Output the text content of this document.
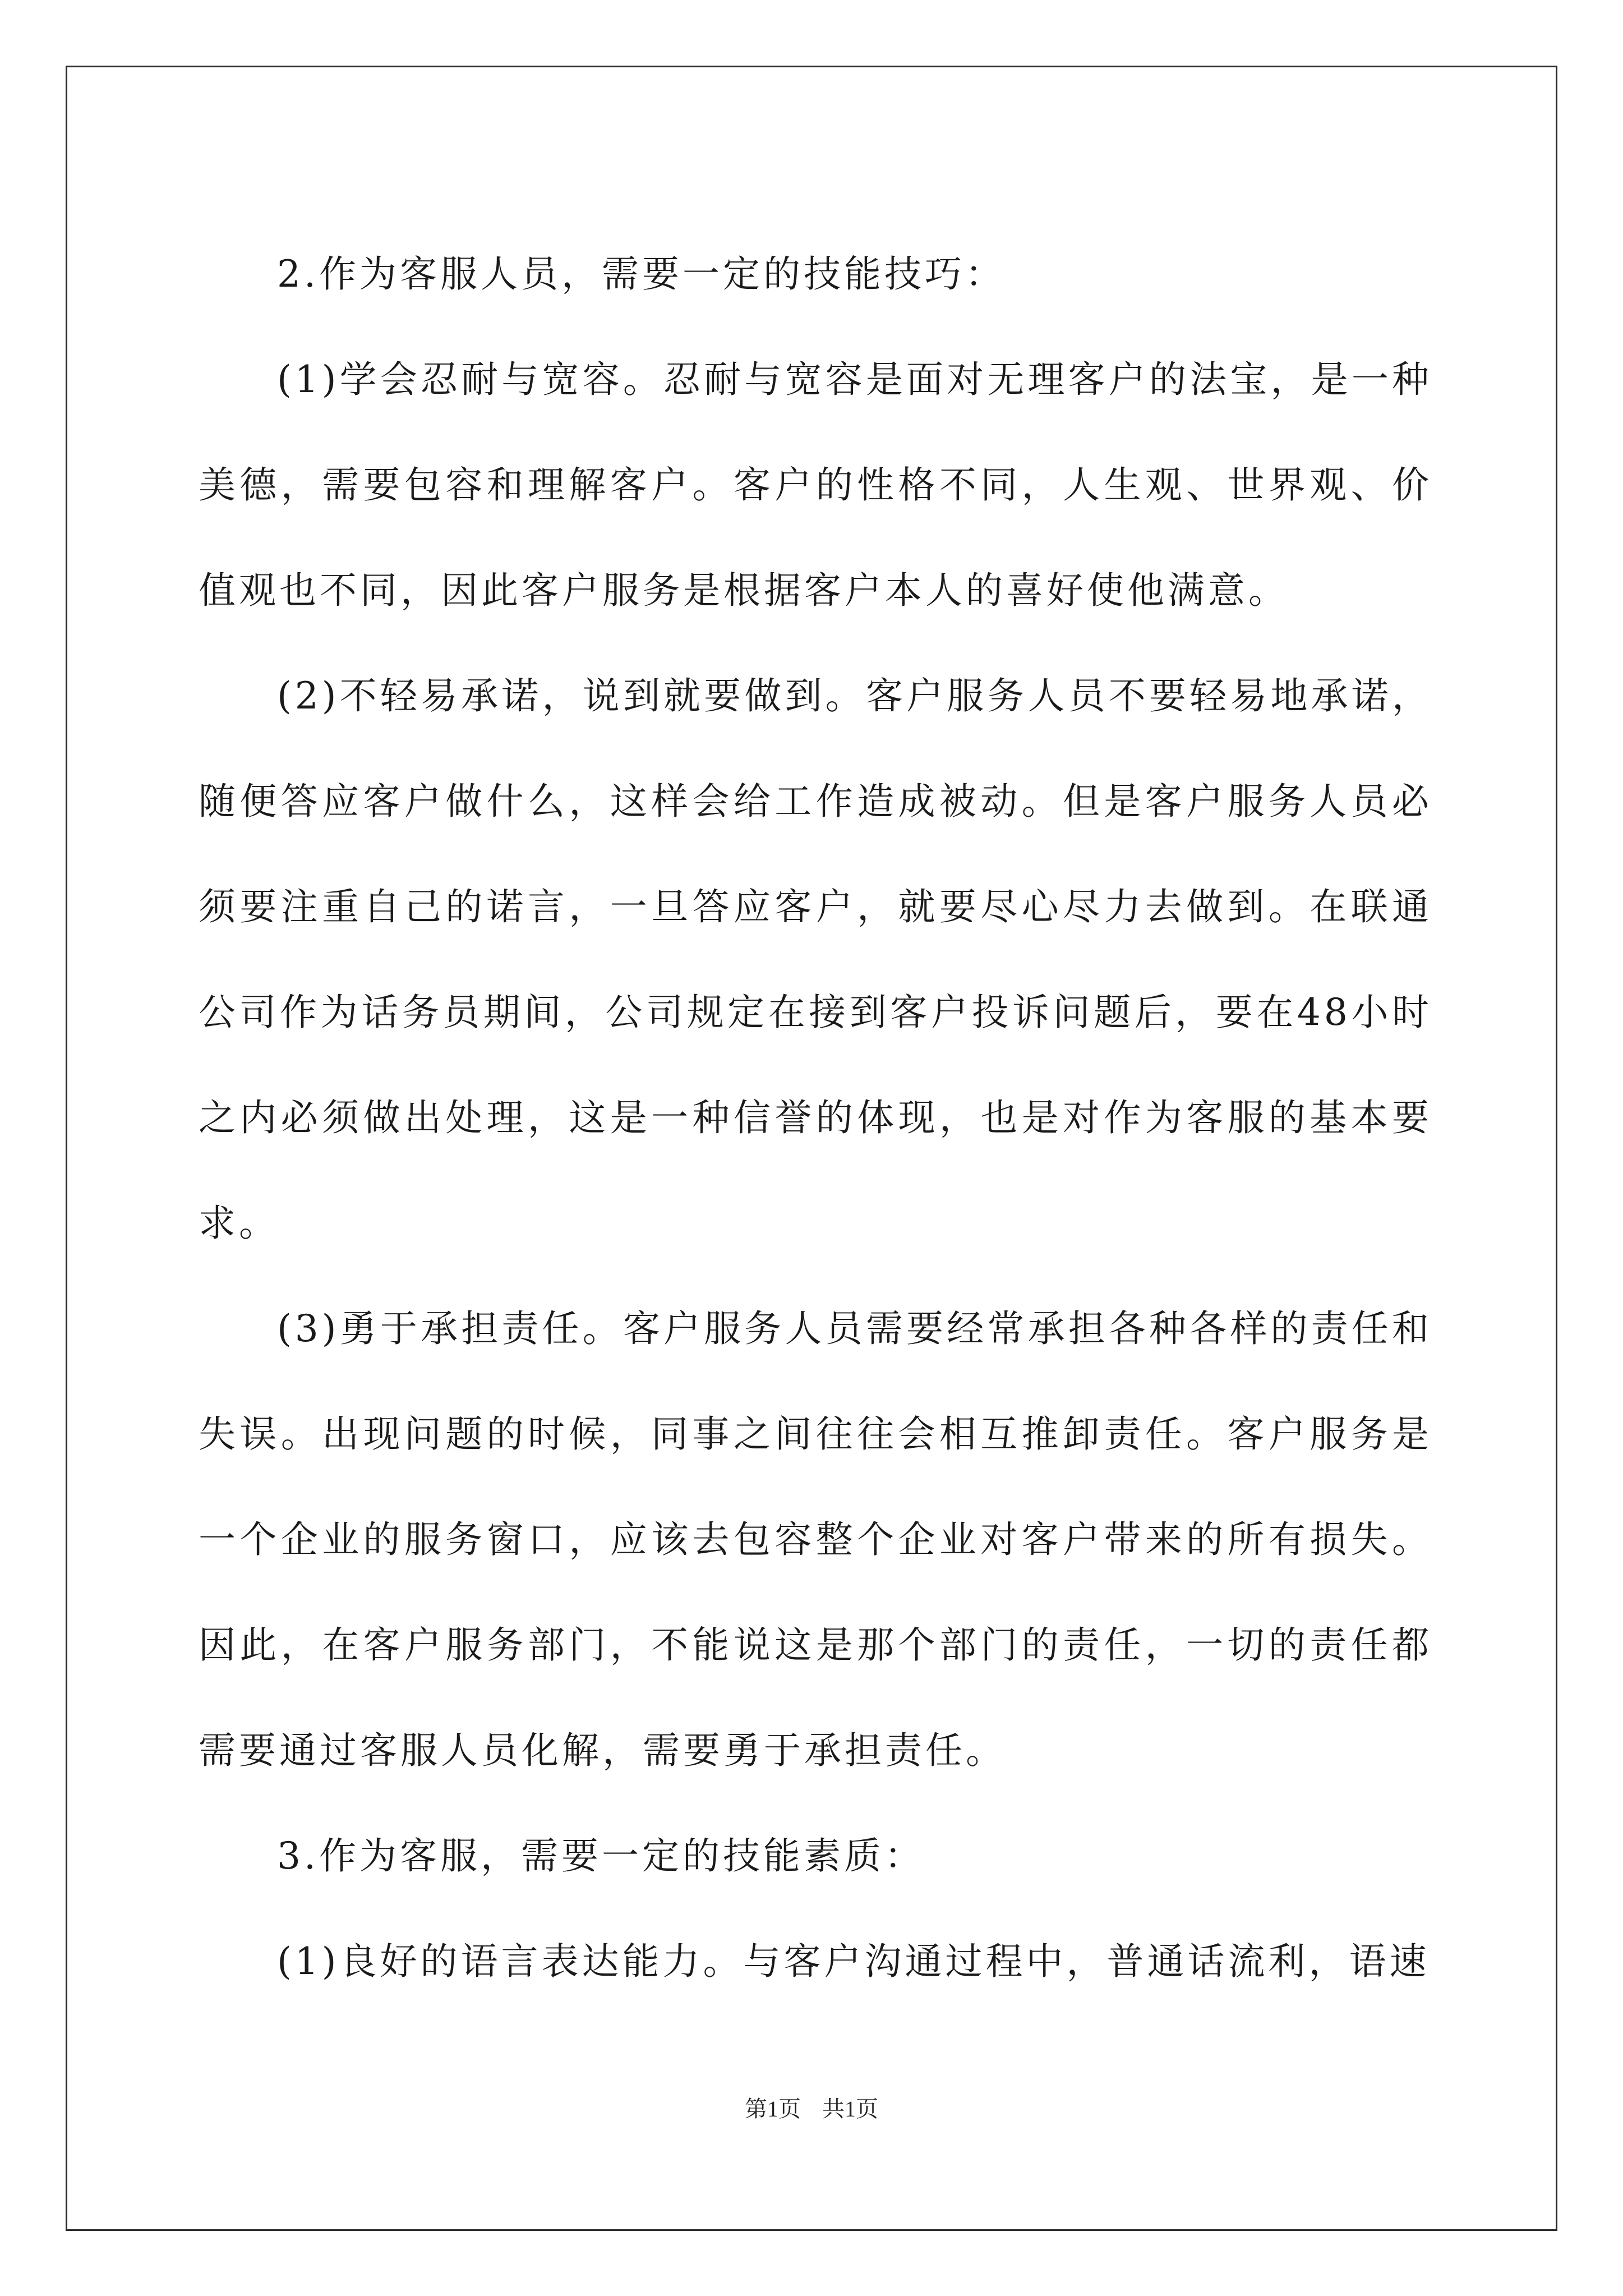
2.作为客服人员，需要一定的技能技巧：

(1)学会忍耐与宽容。忍耐与宽容是面对无理客户的法宝，是一种美德，需要包容和理解客户。客户的性格不同，人生观、世界观、价值观也不同，因此客户服务是根据客户本人的喜好使他满意。

(2)不轻易承诺，说到就要做到。客户服务人员不要轻易地承诺，随便答应客户做什么，这样会给工作造成被动。但是客户服务人员必须要注重自己的诺言，一旦答应客户，就要尽心尽力去做到。在联通公司作为话务员期间，公司规定在接到客户投诉问题后，要在48小时之内必须做出处理，这是一种信誉的体现，也是对作为客服的基本要求。

(3)勇于承担责任。客户服务人员需要经常承担各种各样的责任和失误。出现问题的时候，同事之间往往会相互推卸责任。客户服务是一个企业的服务窗口，应该去包容整个企业对客户带来的所有损失。因此，在客户服务部门，不能说这是那个部门的责任，一切的责任都需要通过客服人员化解，需要勇于承担责任。

3.作为客服，需要一定的技能素质：

(1)良好的语言表达能力。与客户沟通过程中，普通话流利，语速

第1页 共1页
